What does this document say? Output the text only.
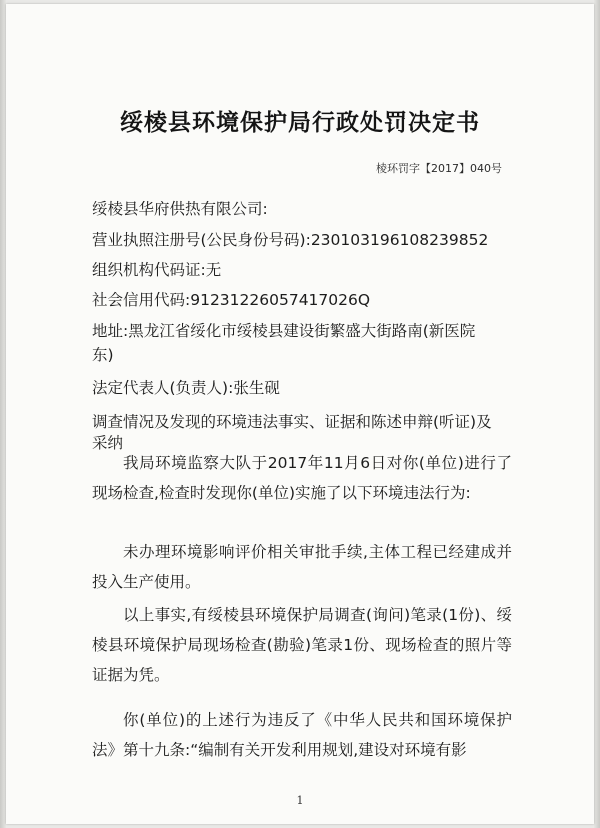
绥棱县环境保护局行政处罚决定书
棱环罚字【2017】040号
绥棱县华府供热有限公司:
营业执照注册号(公民身份号码):230103196108239852
组织机构代码证:无
社会信用代码:91231226057417026Q
地址:黑龙江省绥化市绥棱县建设街繁盛大街路南(新医院
东)
法定代表人(负责人):张生砚
调查情况及发现的环境违法事实、证据和陈述申辩(听证)及
采纳
我局环境监察大队于2017年11月6日对你(单位)进行了现场检查,检查时发现你(单位)实施了以下环境违法行为:
未办理环境影响评价相关审批手续,主体工程已经建成并投入生产使用。
以上事实,有绥棱县环境保护局调查(询问)笔录(1份)、绥棱县环境保护局现场检查(勘验)笔录1份、现场检查的照片等证据为凭。
你(单位)的上述行为违反了《中华人民共和国环境保护法》第十九条:“编制有关开发利用规划,建设对环境有影
1
